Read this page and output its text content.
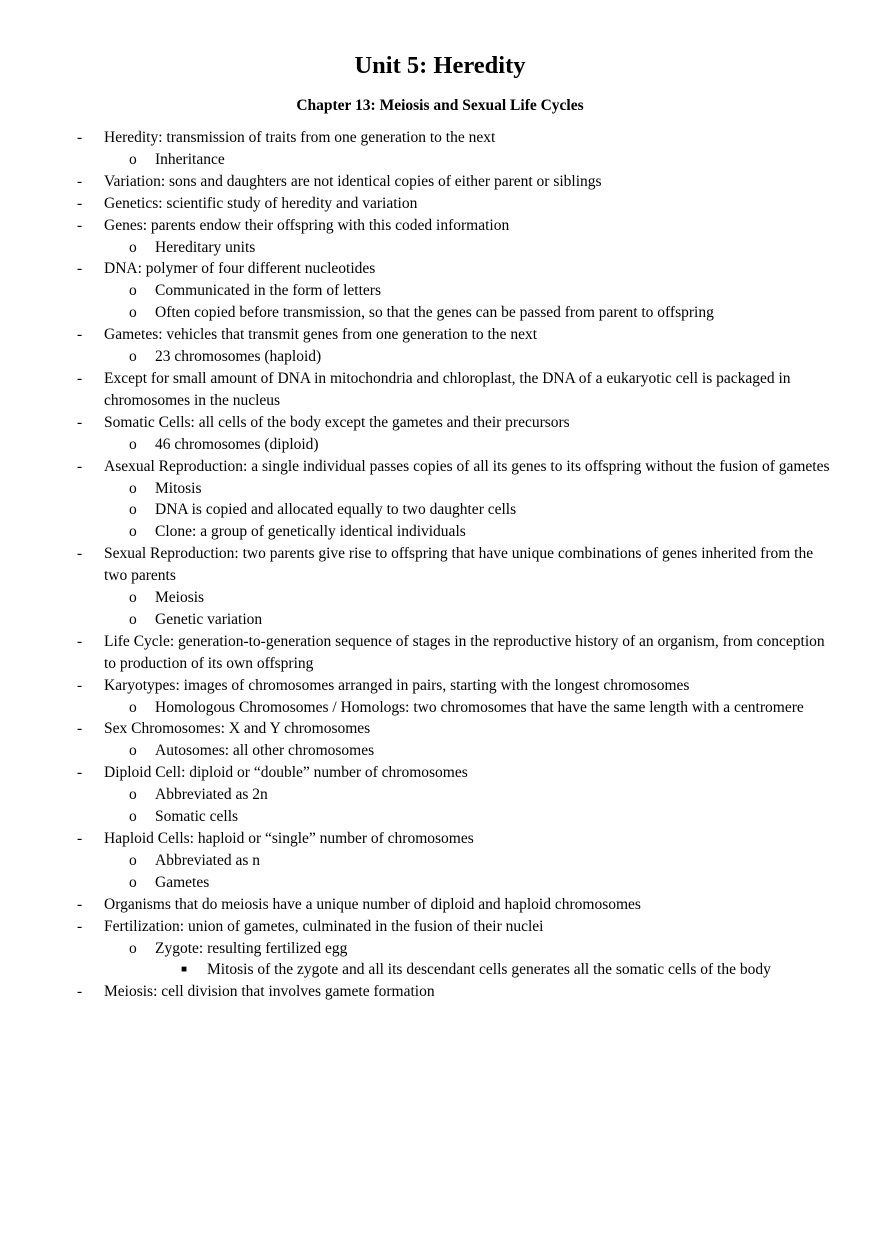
Unit 5: Heredity
Chapter 13: Meiosis and Sexual Life Cycles
- Heredity: transmission of traits from one generation to the next
o Inheritance
- Variation: sons and daughters are not identical copies of either parent or siblings
- Genetics: scientific study of heredity and variation
- Genes: parents endow their offspring with this coded information
o Hereditary units
- DNA: polymer of four different nucleotides
o Communicated in the form of letters
o Often copied before transmission, so that the genes can be passed from parent to offspring
- Gametes: vehicles that transmit genes from one generation to the next
o 23 chromosomes (haploid)
- Except for small amount of DNA in mitochondria and chloroplast, the DNA of a eukaryotic cell is packaged in chromosomes in the nucleus
- Somatic Cells: all cells of the body except the gametes and their precursors
o 46 chromosomes (diploid)
- Asexual Reproduction: a single individual passes copies of all its genes to its offspring without the fusion of gametes
o Mitosis
o DNA is copied and allocated equally to two daughter cells
o Clone: a group of genetically identical individuals
- Sexual Reproduction: two parents give rise to offspring that have unique combinations of genes inherited from the two parents
o Meiosis
o Genetic variation
- Life Cycle: generation-to-generation sequence of stages in the reproductive history of an organism, from conception to production of its own offspring
- Karyotypes: images of chromosomes arranged in pairs, starting with the longest chromosomes
o Homologous Chromosomes / Homologs: two chromosomes that have the same length with a centromere
- Sex Chromosomes: X and Y chromosomes
o Autosomes: all other chromosomes
- Diploid Cell: diploid or “double” number of chromosomes
o Abbreviated as 2n
o Somatic cells
- Haploid Cells: haploid or “single” number of chromosomes
o Abbreviated as n
o Gametes
- Organisms that do meiosis have a unique number of diploid and haploid chromosomes
- Fertilization: union of gametes, culminated in the fusion of their nuclei
o Zygote: resulting fertilized egg
■ Mitosis of the zygote and all its descendant cells generates all the somatic cells of the body
- Meiosis: cell division that involves gamete formation
